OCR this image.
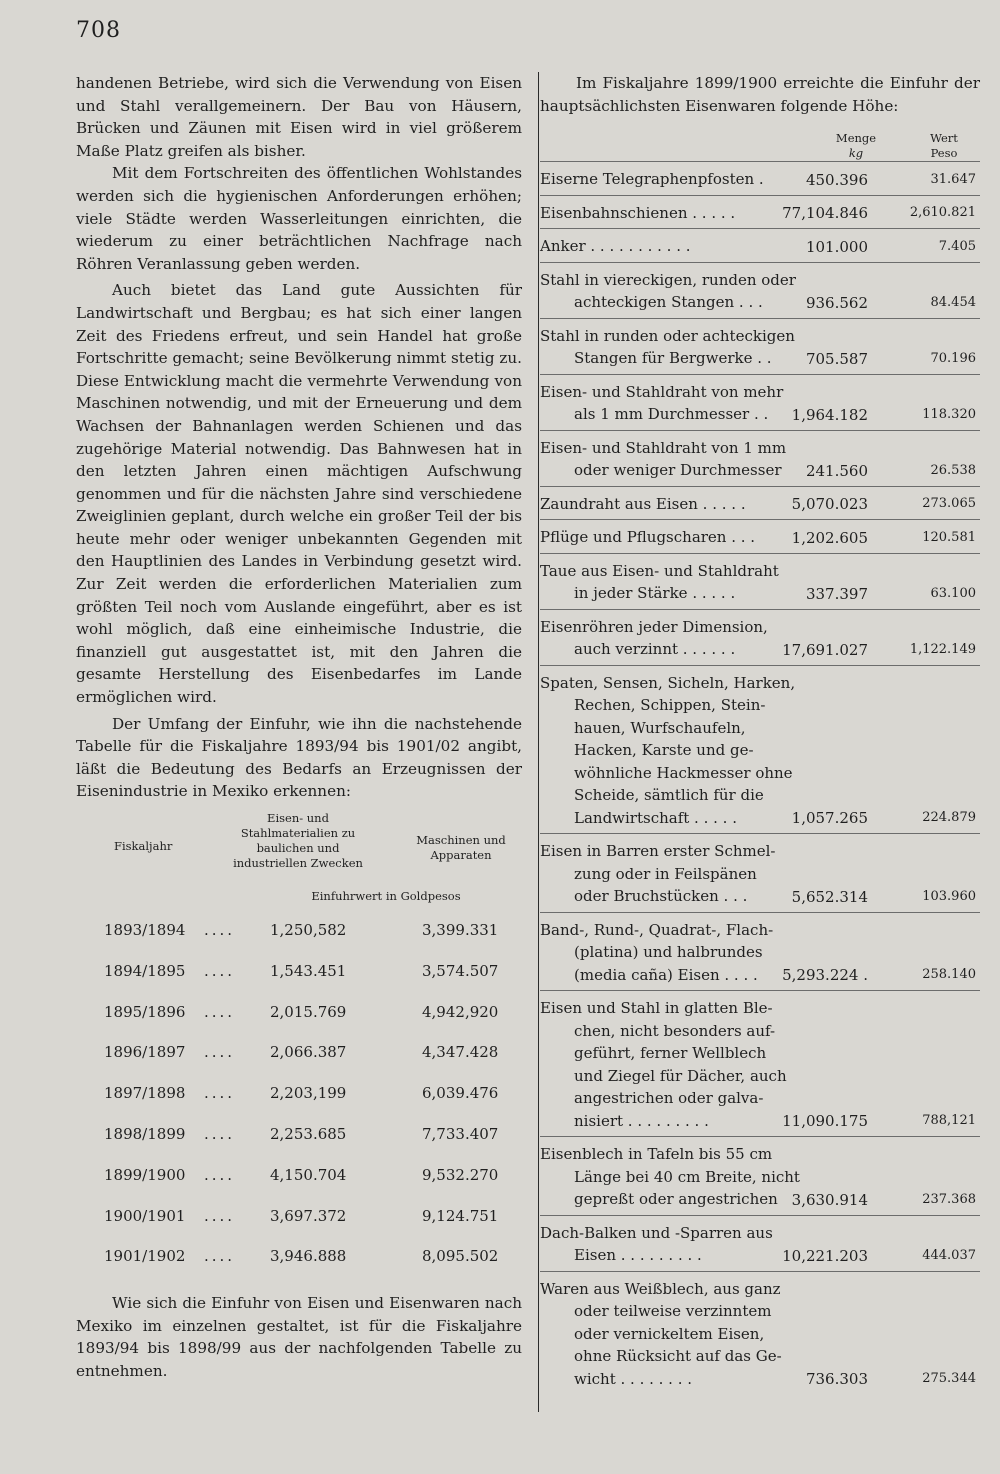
708

handenen Betriebe, wird sich die Verwendung von Eisen und Stahl verallgemeinern. Der Bau von Häusern, Brücken und Zäunen mit Eisen wird in viel größerem Maße Platz greifen als bisher.

Mit dem Fortschreiten des öffentlichen Wohlstandes werden sich die hygienischen Anforderungen erhöhen; viele Städte werden Wasserleitungen einrichten, die wiederum zu einer beträchtlichen Nachfrage nach Röhren Veranlassung geben werden.

Auch bietet das Land gute Aussichten für Landwirtschaft und Bergbau; es hat sich einer langen Zeit des Friedens erfreut, und sein Handel hat große Fortschritte gemacht; seine Bevölkerung nimmt stetig zu. Diese Entwicklung macht die vermehrte Verwendung von Maschinen notwendig, und mit der Erneuerung und dem Wachsen der Bahnanlagen werden Schienen und das zugehörige Material notwendig. Das Bahnwesen hat in den letzten Jahren einen mächtigen Aufschwung genommen und für die nächsten Jahre sind verschiedene Zweiglinien geplant, durch welche ein großer Teil der bis heute mehr oder weniger unbekannten Gegenden mit den Hauptlinien des Landes in Verbindung gesetzt wird. Zur Zeit werden die erforderlichen Materialien zum größten Teil noch vom Auslande eingeführt, aber es ist wohl möglich, daß eine einheimische Industrie, die finanziell gut ausgestattet ist, mit den Jahren die gesamte Herstellung des Eisenbedarfes im Lande ermöglichen wird.

Der Umfang der Einfuhr, wie ihn die nachstehende Tabelle für die Fiskaljahre 1893/94 bis 1901/02 angibt, läßt die Bedeutung des Bedarfs an Erzeugnissen der Eisenindustrie in Mexiko erkennen:

Fiskaljahr
Eisen- und Stahlmaterialien zu baulichen und industriellen Zwecken
Maschinen und Apparaten
Einfuhrwert in Goldpesos
1893/1894 .... 1,250,582	3,399.331
1894/1895 .... 1,543.451	3,574.507
1895/1896 .... 2,015.769	4,942,920
1896/1897 .... 2,066.387	4,347.428
1897/1898 .... 2,203,199	6,039.476
1898/1899 .... 2,253.685	7,733.407
1899/1900 .... 4,150.704	9,532.270
1900/1901 .... 3,697.372	9,124.751
1901/1902 .... 3,946.888	8,095.502

Wie sich die Einfuhr von Eisen und Eisenwaren nach Mexiko im einzelnen gestaltet, ist für die Fiskaljahre 1893/94 bis 1898/99 aus der nachfolgenden Tabelle zu entnehmen.

Im Fiskaljahre 1899/1900 erreichte die Einfuhr der hauptsächlichsten Eisenwaren folgende Höhe:

Menge
kg
Wert
Peso
Eiserne Telegraphenpfosten .	450.396	31.647
Eisenbahnschienen . . . . .	77,104.846	2,610.821
Anker . . . . . . . . . . .	101.000	7.405
Stahl in viereckigen, runden oder
achteckigen Stangen . . .	936.562	84.454
Stahl in runden oder achteckigen
Stangen für Bergwerke . .	705.587	70.196
Eisen- und Stahldraht von mehr
als 1 mm Durchmesser . .	1,964.182	118.320
Eisen- und Stahldraht von 1 mm
oder weniger Durchmesser	241.560	26.538
Zaundraht aus Eisen . . . . .	5,070.023	273.065
Pflüge und Pflugscharen . . .	1,202.605	120.581
Taue aus Eisen- und Stahldraht
in jeder Stärke . . . . .	337.397	63.100
Eisenröhren jeder Dimension,
auch verzinnt . . . . . .	17,691.027	1,122.149
Spaten, Sensen, Sicheln, Harken,
Rechen, Schippen, Stein-
hauen, Wurfschaufeln,
Hacken, Karste und ge-
wöhnliche Hackmesser ohne
Scheide, sämtlich für die
Landwirtschaft . . . . .	1,057.265	224.879
Eisen in Barren erster Schmel-
zung oder in Feilspänen
oder Bruchstücken . . .	5,652.314	103.960
Band-, Rund-, Quadrat-, Flach-
(platina) und halbrundes
(media caña) Eisen . . . .	5,293.224 .	258.140
Eisen und Stahl in glatten Ble-
chen, nicht besonders auf-
geführt, ferner Wellblech
und Ziegel für Dächer, auch
angestrichen oder galva-
nisiert . . . . . . . . .	11,090.175	788,121
Eisenblech in Tafeln bis 55 cm
Länge bei 40 cm Breite, nicht
gepreßt oder angestrichen 3,630.914	237.368
Dach-Balken und -Sparren aus
Eisen . . . . . . . . .	10,221.203	444.037
Waren aus Weißblech, aus ganz
oder teilweise verzinntem
oder vernickeltem Eisen,
ohne Rücksicht auf das Ge-
wicht . . . . . . . .	736.303	275.344
